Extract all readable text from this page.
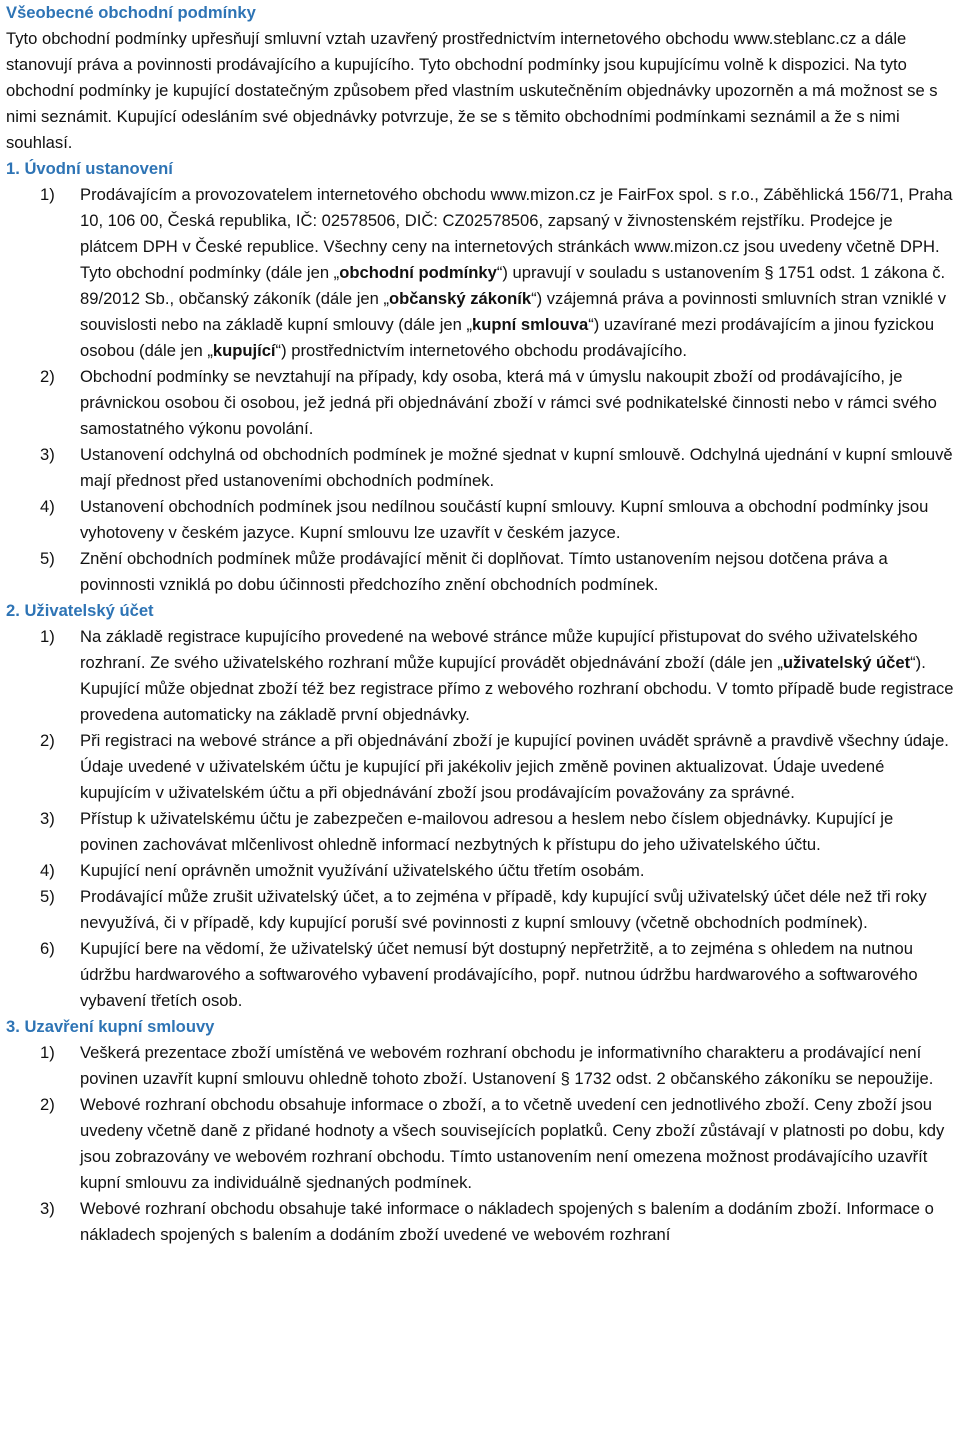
Všeobecné obchodní podmínky

Tyto obchodní podmínky upřesňují smluvní vztah uzavřený prostřednictvím internetového obchodu www.steblanc.cz a dále stanovují práva a povinnosti prodávajícího a kupujícího. Tyto obchodní podmínky jsou kupujícímu volně k dispozici. Na tyto obchodní podmínky je kupující dostatečným způsobem před vlastním uskutečněním objednávky upozorněn a má možnost se s nimi seznámit. Kupující odesláním své objednávky potvrzuje, že se s těmito obchodními podmínkami seznámil a že s nimi souhlasí.

1. Úvodní ustanovení
1) Prodávajícím a provozovatelem internetového obchodu www.mizon.cz je FairFox spol. s r.o., Záběhlická 156/71, Praha 10, 106 00, Česká republika, IČ: 02578506, DIČ: CZ02578506, zapsaný v živnostenském rejstříku. Prodejce je plátcem DPH v České republice. Všechny ceny na internetových stránkách www.mizon.cz jsou uvedeny včetně DPH. Tyto obchodní podmínky (dále jen „obchodní podmínky“) upravují v souladu s ustanovením § 1751 odst. 1 zákona č. 89/2012 Sb., občanský zákoník (dále jen „občanský zákoník“) vzájemná práva a povinnosti smluvních stran vzniklé v souvislosti nebo na základě kupní smlouvy (dále jen „kupní smlouva“) uzavírané mezi prodávajícím a jinou fyzickou osobou (dále jen „kupující“) prostřednictvím internetového obchodu prodávajícího.
2) Obchodní podmínky se nevztahují na případy, kdy osoba, která má v úmyslu nakoupit zboží od prodávajícího, je právnickou osobou či osobou, jež jedná při objednávání zboží v rámci své podnikatelské činnosti nebo v rámci svého samostatného výkonu povolání.
3) Ustanovení odchylná od obchodních podmínek je možné sjednat v kupní smlouvě. Odchylná ujednání v kupní smlouvě mají přednost před ustanoveními obchodních podmínek.
4) Ustanovení obchodních podmínek jsou nedílnou součástí kupní smlouvy. Kupní smlouva a obchodní podmínky jsou vyhotoveny v českém jazyce. Kupní smlouvu lze uzavřít v českém jazyce.
5) Znění obchodních podmínek může prodávající měnit či doplňovat. Tímto ustanovením nejsou dotčena práva a povinnosti vzniklá po dobu účinnosti předchozího znění obchodních podmínek.
2. Uživatelský účet
1) Na základě registrace kupujícího provedené na webové stránce může kupující přistupovat do svého uživatelského rozhraní. Ze svého uživatelského rozhraní může kupující provádět objednávání zboží (dále jen „uživatelský účet“). Kupující může objednat zboží též bez registrace přímo z webového rozhraní obchodu. V tomto případě bude registrace provedena automaticky na základě první objednávky.
2) Při registraci na webové stránce a při objednávání zboží je kupující povinen uvádět správně a pravdivě všechny údaje. Údaje uvedené v uživatelském účtu je kupující při jakékoliv jejich změně povinen aktualizovat. Údaje uvedené kupujícím v uživatelském účtu a při objednávání zboží jsou prodávajícím považovány za správné.
3) Přístup k uživatelskému účtu je zabezpečen e-mailovou adresou a heslem nebo číslem objednávky. Kupující je povinen zachovávat mlčenlivost ohledně informací nezbytných k přístupu do jeho uživatelského účtu.
4) Kupující není oprávněn umožnit využívání uživatelského účtu třetím osobám.
5) Prodávající může zrušit uživatelský účet, a to zejména v případě, kdy kupující svůj uživatelský účet déle než tři roky nevyužívá, či v případě, kdy kupující poruší své povinnosti z kupní smlouvy (včetně obchodních podmínek).
6) Kupující bere na vědomí, že uživatelský účet nemusí být dostupný nepřetržitě, a to zejména s ohledem na nutnou údržbu hardwarového a softwarového vybavení prodávajícího, popř. nutnou údržbu hardwarového a softwarového vybavení třetích osob.
3. Uzavření kupní smlouvy
1) Veškerá prezentace zboží umístěná ve webovém rozhraní obchodu je informativního charakteru a prodávající není povinen uzavřít kupní smlouvu ohledně tohoto zboží. Ustanovení § 1732 odst. 2 občanského zákoníku se nepoužije.
2) Webové rozhraní obchodu obsahuje informace o zboží, a to včetně uvedení cen jednotlivého zboží. Ceny zboží jsou uvedeny včetně daně z přidané hodnoty a všech souvisejících poplatků. Ceny zboží zůstávají v platnosti po dobu, kdy jsou zobrazovány ve webovém rozhraní obchodu. Tímto ustanovením není omezena možnost prodávajícího uzavřít kupní smlouvu za individuálně sjednaných podmínek.
3) Webové rozhraní obchodu obsahuje také informace o nákladech spojených s balením a dodáním zboží. Informace o nákladech spojených s balením a dodáním zboží uvedené ve webovém rozhraní
